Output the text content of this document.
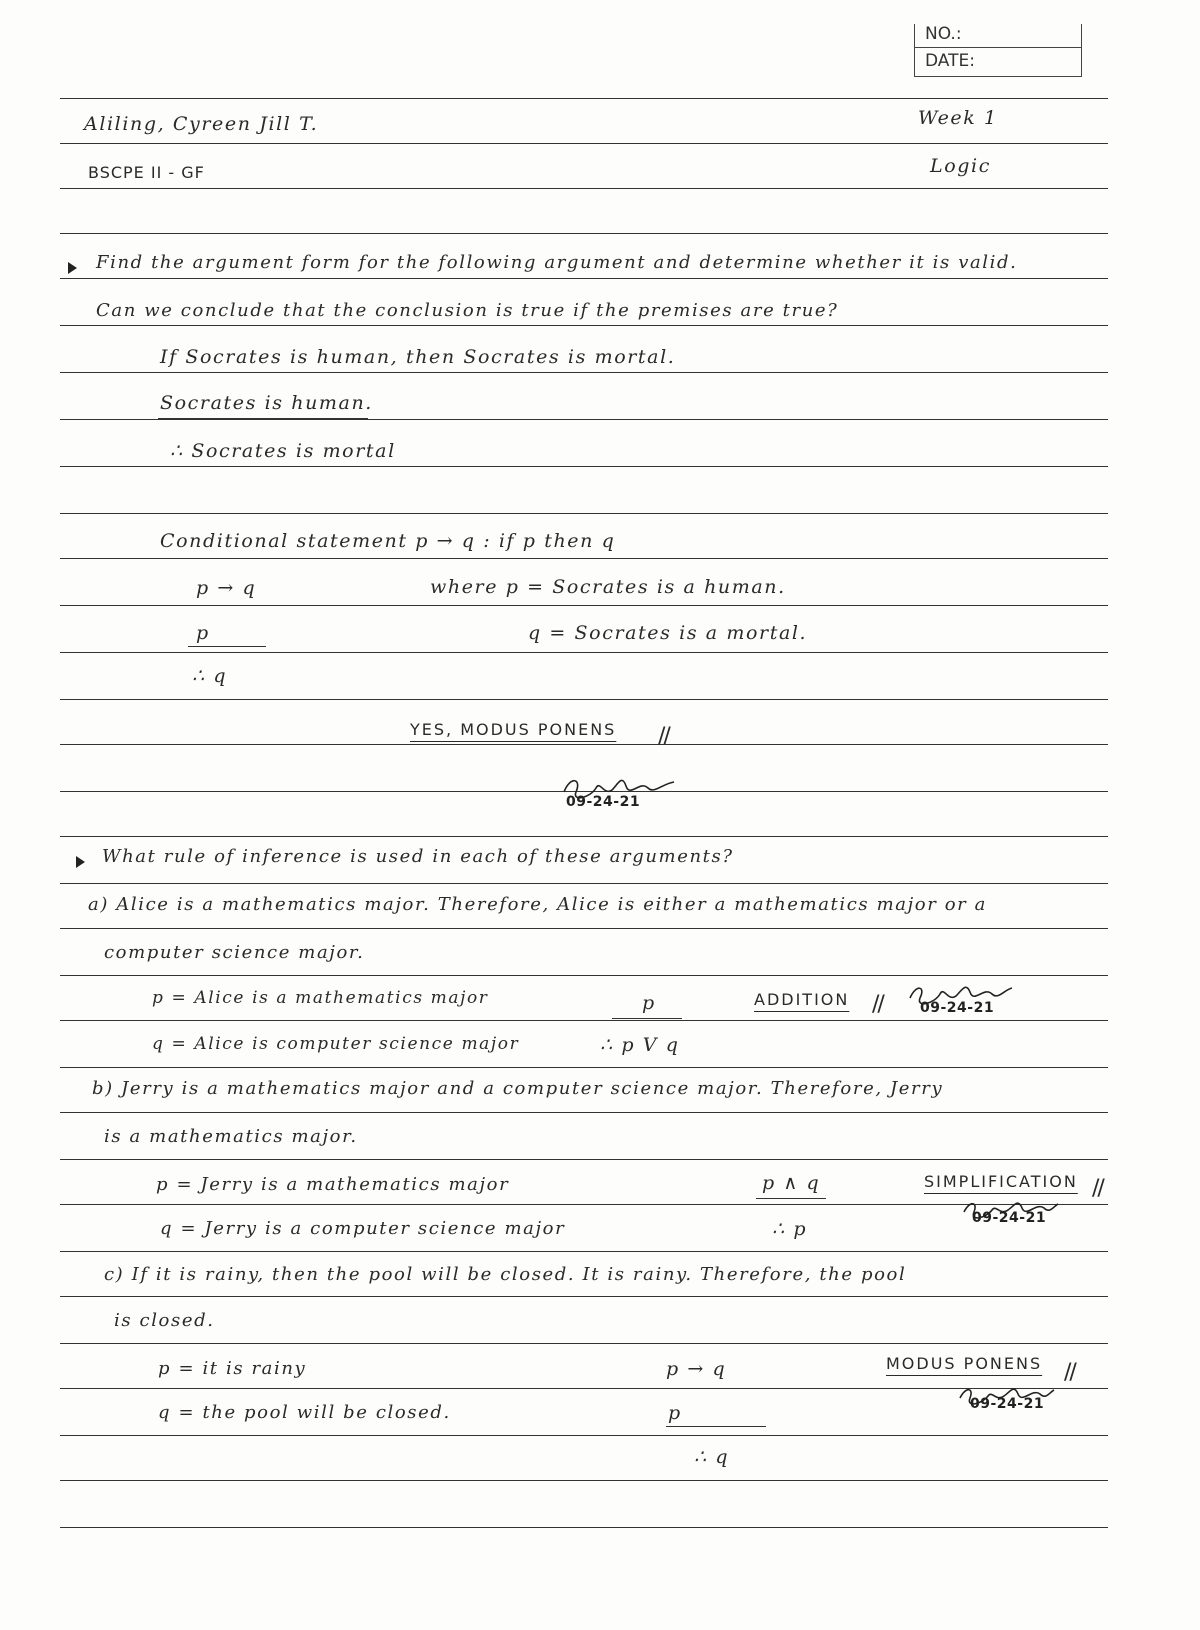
NO.:
DATE:
Aliling, Cyreen Jill T.	Week 1
BSCPE II - GF	Logic
Find the argument form for the following argument and determine whether it is valid.
Can we conclude that the conclusion is true if the premises are true?
If Socrates is human, then Socrates is mortal.
Socrates is human.
∴ Socrates is mortal
Conditional statement p → q : if p then q
p → q	where p = Socrates is a human.
p	q = Socrates is a mortal.
∴ q
YES, MODUS PONENS //
09-24-21
What rule of inference is used in each of these arguments?
a) Alice is a mathematics major. Therefore, Alice is either a mathematics major or a
computer science major.
p = Alice is a mathematics major	p	ADDITION //	09-24-21
q = Alice is computer science major	∴ p V q
b) Jerry is a mathematics major and a computer science major. Therefore, Jerry
is a mathematics major.
p = Jerry is a mathematics major	p ∧ q	SIMPLIFICATION //
09-24-21
q = Jerry is a computer science major	∴ p
c) If it is rainy, then the pool will be closed. It is rainy. Therefore, the pool
is closed.
p = it is rainy	p → q	MODUS PONENS //
09-24-21
q = the pool will be closed.	p
∴ q
